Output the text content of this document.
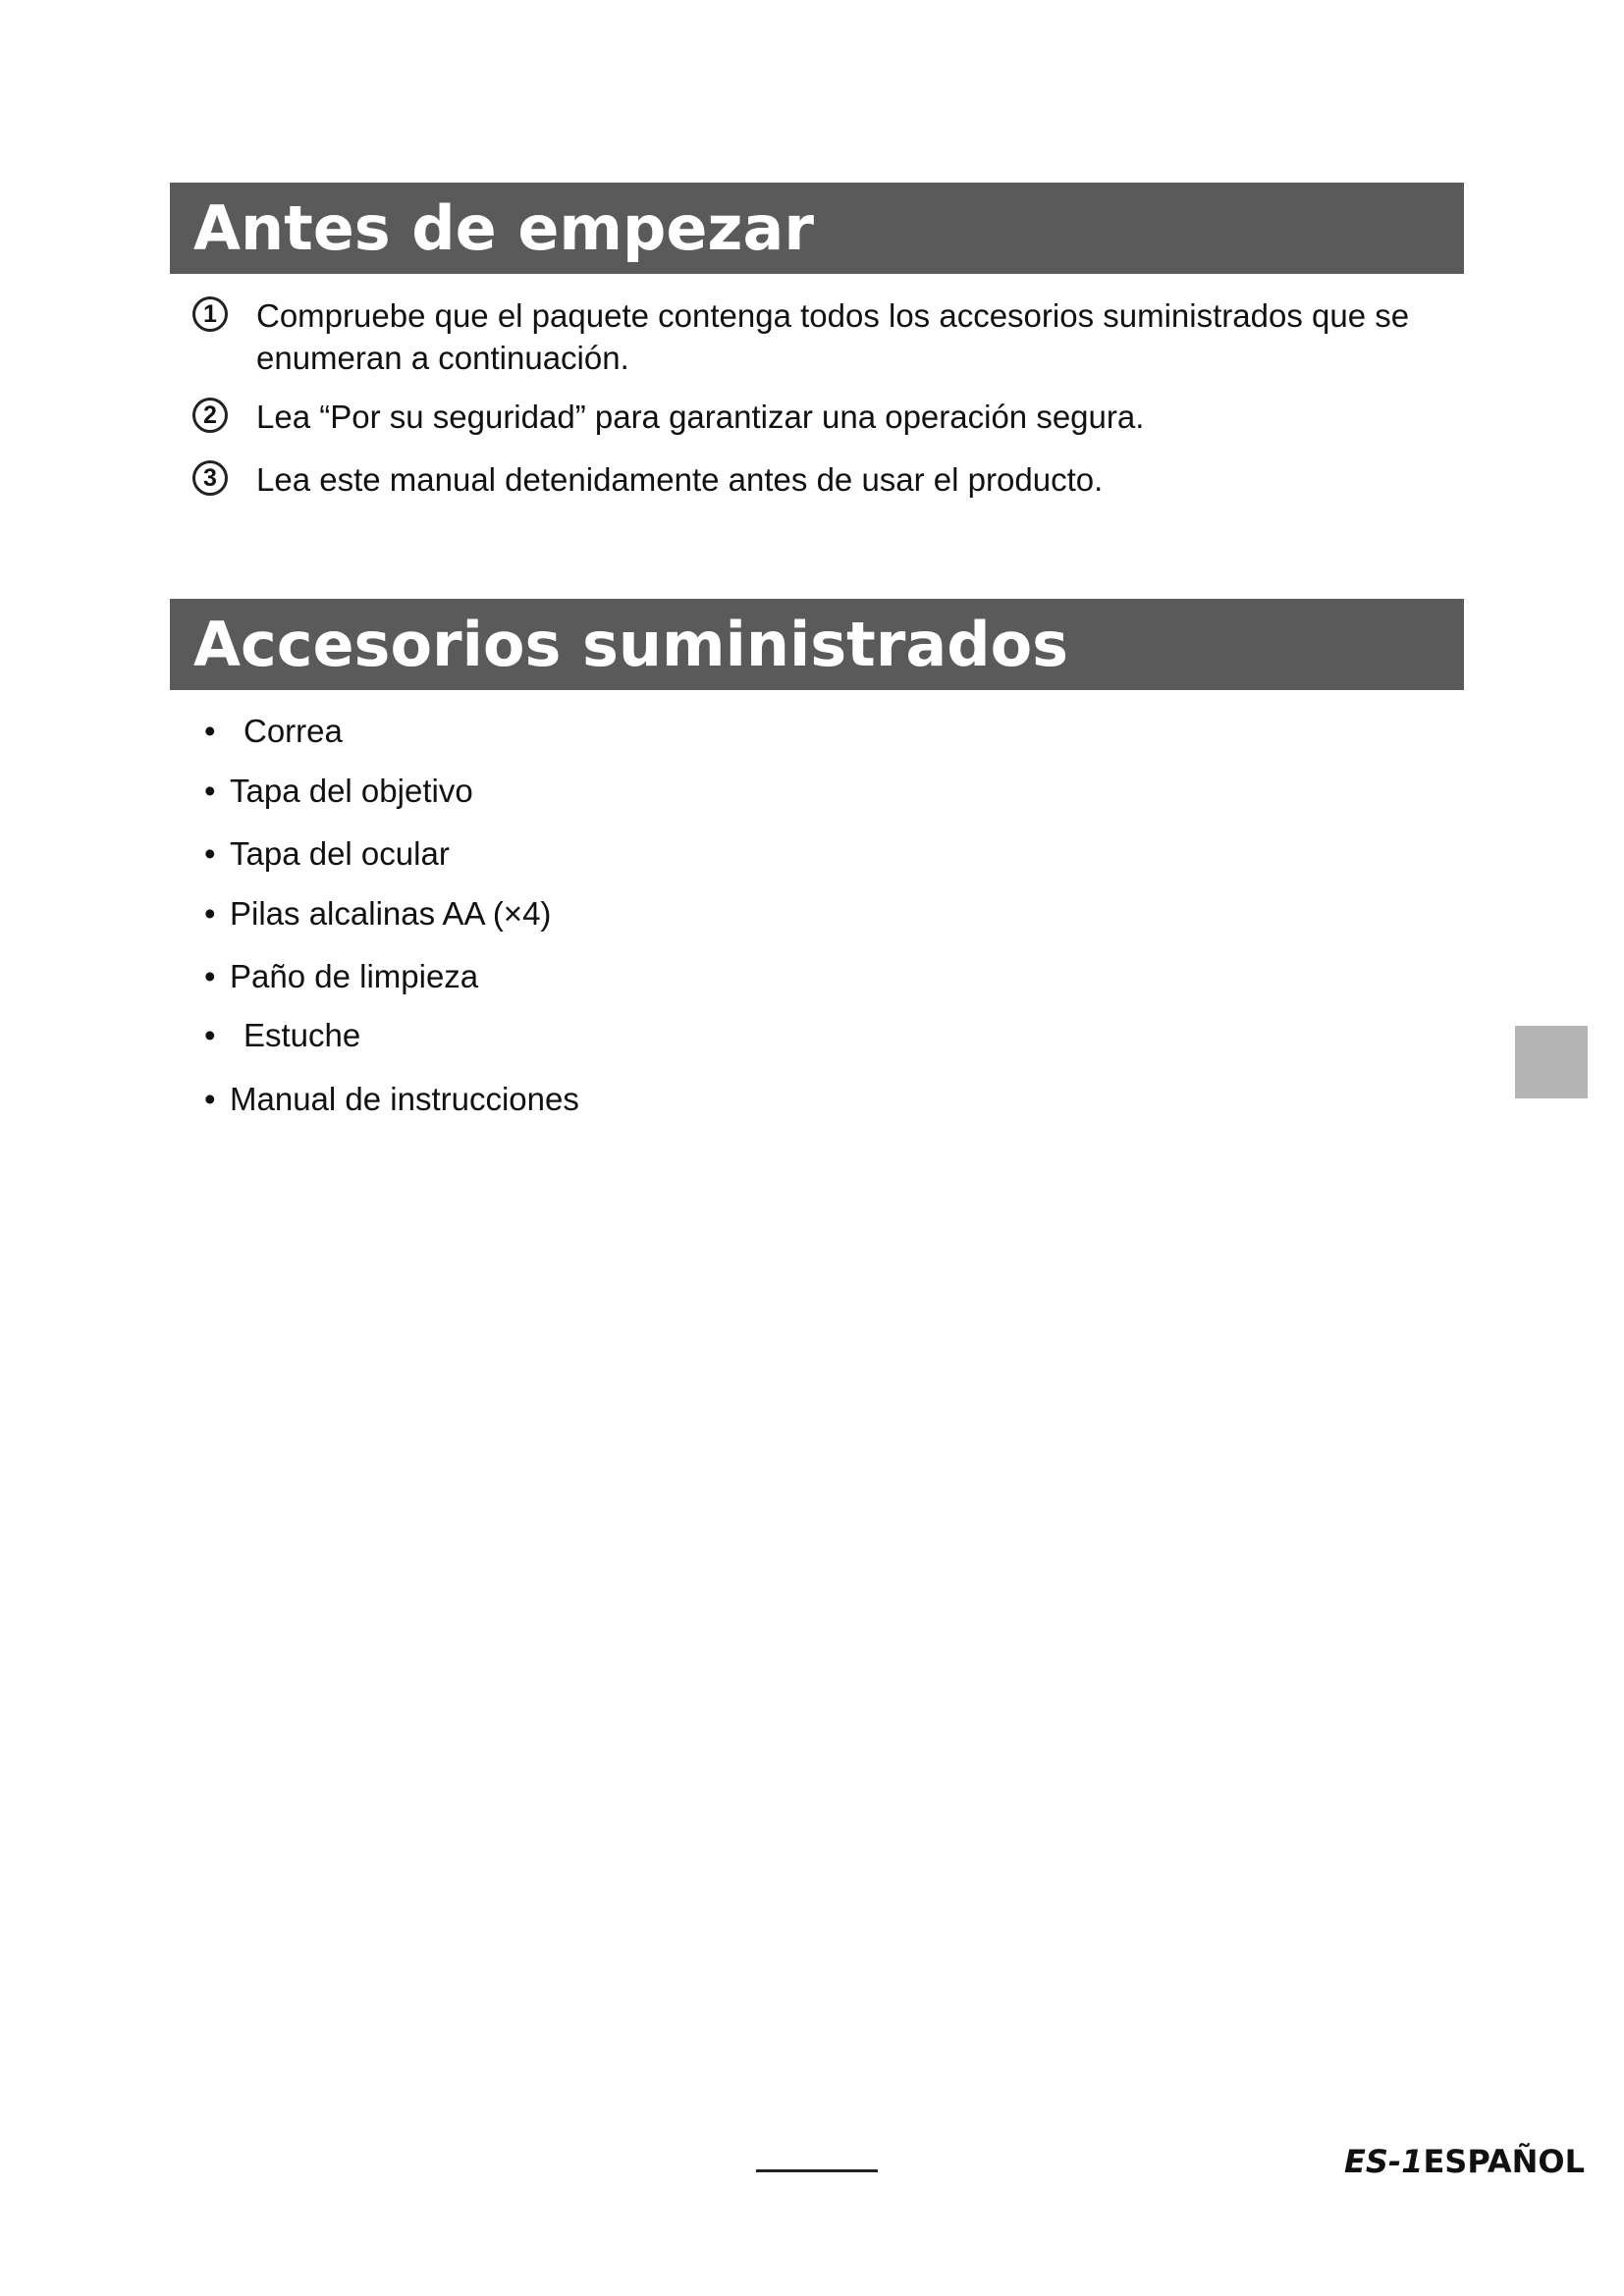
Antes de empezar
1	Compruebe que el paquete contenga todos los accesorios suministrados que se enumeran a continuación.
2	Lea “Por su seguridad” para garantizar una operación segura.
3	Lea este manual detenidamente antes de usar el producto.
Accesorios suministrados
• Correa
• Tapa del objetivo
• Tapa del ocular
• Pilas alcalinas AA (×4)
• Paño de limpieza
• Estuche
• Manual de instrucciones
ES-1ESPAÑOL
